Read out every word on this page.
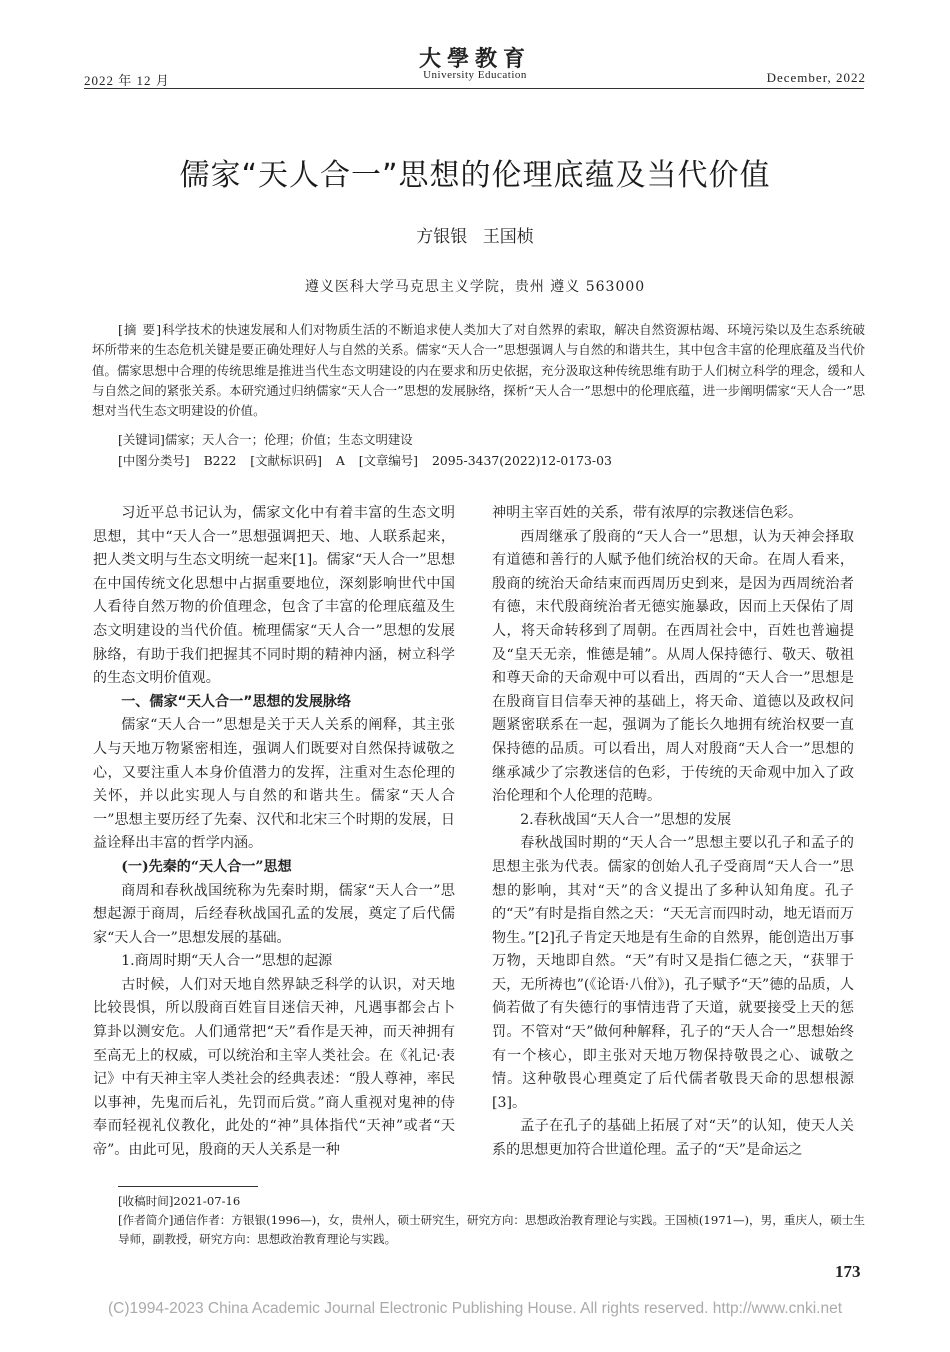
2022 年 12 月
大學教育
University Education	December, 2022
儒家“天人合一”思想的伦理底蕴及当代价值
方银银 王国桢
遵义医科大学马克思主义学院，贵州 遵义 563000
[摘 要]科学技术的快速发展和人们对物质生活的不断追求使人类加大了对自然界的索取，解决自然资源枯竭、环境污染以及生态系统破坏所带来的生态危机关键是要正确处理好人与自然的关系。儒家“天人合一”思想强调人与自然的和谐共生，其中包含丰富的伦理底蕴及当代价值。儒家思想中合理的传统思维是推进当代生态文明建设的内在要求和历史依据，充分汲取这种传统思维有助于人们树立科学的理念，缓和人与自然之间的紧张关系。本研究通过归纳儒家“天人合一”思想的发展脉络，探析“天人合一”思想中的伦理底蕴，进一步阐明儒家“天人合一”思想对当代生态文明建设的价值。
[关键词]儒家；天人合一；伦理；价值；生态文明建设
[中图分类号] B222 [文献标识码] A [文章编号] 2095-3437(2022)12-0173-03

习近平总书记认为，儒家文化中有着丰富的生态文明思想，其中“天人合一”思想强调把天、地、人联系起来，把人类文明与生态文明统一起来[1]。儒家“天人合一”思想在中国传统文化思想中占据重要地位，深刻影响世代中国人看待自然万物的价值理念，包含了丰富的伦理底蕴及生态文明建设的当代价值。梳理儒家“天人合一”思想的发展脉络，有助于我们把握其不同时期的精神内涵，树立科学的生态文明价值观。

一、儒家“天人合一”思想的发展脉络

儒家“天人合一”思想是关于天人关系的阐释，其主张人与天地万物紧密相连，强调人们既要对自然保持诚敬之心，又要注重人本身价值潜力的发挥，注重对生态伦理的关怀，并以此实现人与自然的和谐共生。儒家“天人合一”思想主要历经了先秦、汉代和北宋三个时期的发展，日益诠释出丰富的哲学内涵。

(一)先秦的“天人合一”思想

商周和春秋战国统称为先秦时期，儒家“天人合一”思想起源于商周，后经春秋战国孔孟的发展，奠定了后代儒家“天人合一”思想发展的基础。

1.商周时期“天人合一”思想的起源

古时候，人们对天地自然界缺乏科学的认识，对天地比较畏惧，所以殷商百姓盲目迷信天神，凡遇事都会占卜算卦以测安危。人们通常把“天”看作是天神，而天神拥有至高无上的权威，可以统治和主宰人类社会。在《礼记·表记》中有天神主宰人类社会的经典表述：“殷人尊神，率民以事神，先鬼而后礼，先罚而后赏。”商人重视对鬼神的侍奉而轻视礼仪教化，此处的“神”具体指代“天神”或者“天帝”。由此可见，殷商的天人关系是一种

神明主宰百姓的关系，带有浓厚的宗教迷信色彩。

西周继承了殷商的“天人合一”思想，认为天神会择取有道德和善行的人赋予他们统治权的天命。在周人看来，殷商的统治天命结束而西周历史到来，是因为西周统治者有德，末代殷商统治者无德实施暴政，因而上天保佑了周人，将天命转移到了周朝。在西周社会中，百姓也普遍提及“皇天无亲，惟德是辅”。从周人保持德行、敬天、敬祖和尊天命的天命观中可以看出，西周的“天人合一”思想是在殷商盲目信奉天神的基础上，将天命、道德以及政权问题紧密联系在一起，强调为了能长久地拥有统治权要一直保持德的品质。可以看出，周人对殷商“天人合一”思想的继承减少了宗教迷信的色彩，于传统的天命观中加入了政治伦理和个人伦理的范畴。

2.春秋战国“天人合一”思想的发展

春秋战国时期的“天人合一”思想主要以孔子和孟子的思想主张为代表。儒家的创始人孔子受商周“天人合一”思想的影响，其对“天”的含义提出了多种认知角度。孔子的“天”有时是指自然之天：“天无言而四时动，地无语而万物生。”[2]孔子肯定天地是有生命的自然界，能创造出万事万物，天地即自然。“天”有时又是指仁德之天，“获罪于天，无所祷也”(《论语·八佾》)，孔子赋予“天”德的品质，人倘若做了有失德行的事情违背了天道，就要接受上天的惩罚。不管对“天”做何种解释，孔子的“天人合一”思想始终有一个核心，即主张对天地万物保持敬畏之心、诚敬之情。这种敬畏心理奠定了后代儒者敬畏天命的思想根源[3]。

孟子在孔子的基础上拓展了对“天”的认知，使天人关系的思想更加符合世道伦理。孟子的“天”是命运之

[收稿时间]2021-07-16
[作者简介]通信作者：方银银(1996—)，女，贵州人，硕士研究生，研究方向：思想政治教育理论与实践。王国桢(1971—)，男，重庆人，硕士生导师，副教授，研究方向：思想政治教育理论与实践。
173
(C)1994-2023 China Academic Journal Electronic Publishing House. All rights reserved. http://www.cnki.net
